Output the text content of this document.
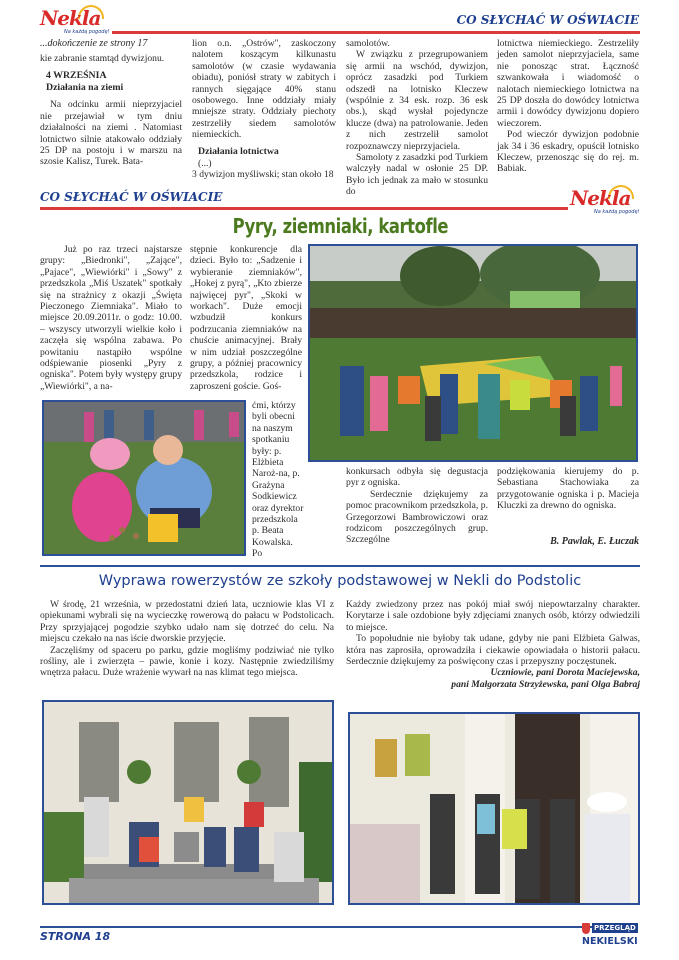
Nekla
Na każdą pogodę!
CO SŁYCHAĆ W OŚWIACIE
...dokończenie ze strony 17

kie zabranie stamtąd dywizjonu.

4 WRZEŚNIA
Działania na ziemi

Na odcinku armii nieprzyjaciel nie przejawiał w tym dniu działalności na ziemi . Natomiast lotnictwo silnie atakowało oddziały 25 DP na postoju i w marszu na szosie Kalisz, Turek. Bata-

lion o.n. „Ostrów", zaskoczony nalotem koszącym kilkunastu samolotów (w czasie wydawania obiadu), poniósł straty w zabitych i rannych sięgające 40% stanu osobowego. Inne oddziały miały mniejsze straty. Oddziały piechoty zestrzeliły siedem samolotów niemieckich.

Działania lotnictwa

(...)

3 dywizjon myśliwski; stan około 18

samolotów.

W związku z przegrupowaniem się armii na wschód, dywizjon, oprócz zasadzki pod Turkiem odszedł na lotnisko Kleczew (wspólnie z 34 esk. rozp. 36 esk obs.), skąd wysłał pojedyncze klucze (dwa) na patrolowanie. Jeden z nich zestrzelił samolot rozpoznawczy nieprzyjaciela.

Samoloty z zasadzki pod Turkiem walczyły nadal w osłonie 25 DP. Było ich jednak za mało w stosunku do

lotnictwa niemieckiego. Zestrzeliły jeden samolot nieprzyjaciela, same nie ponosząc strat. Łączność szwankowała i wiadomość o nalotach niemieckiego lotnictwa na 25 DP doszła do dowódcy lotnictwa armii i dowódcy dywizjonu dopiero wieczorem.

Pod wieczór dywizjon podobnie jak 34 i 36 eskadry, opuścił lotnisko Kleczew, przenosząc się do rej. m. Babiak.

CO SŁYCHAĆ W OŚWIACIE	Nekla
Na każdą pogodę!
Pyry, ziemniaki, kartofle

Już po raz trzeci najstarsze grupy: „Biedronki", „Zające", „Pajace", „Wiewiórki" i „Sowy" z przedszkola „Miś Uszatek" spotkały się na strażnicy z okazji „Święta Pieczonego Ziemniaka". Miało to miejsce 20.09.2011r. o godz: 10.00. – wszyscy utworzyli wielkie koło i zaczęła się wspólna zabawa. Po powitaniu nastąpiło wspólne odśpiewanie piosenki „Pyry z ogniska". Potem były występy grupy „Wiewiórki", a na-

stępnie konkurencje dla dzieci. Było to: „Sadzenie i wybieranie ziemniaków", „Hokej z pyrą", „Kto zbierze najwięcej pyr", „Skoki w workach". Duże emocji wzbudził konkurs podrzucania ziemniaków na chuście animacyjnej. Brały w nim udział poszczególne grupy, a później pracownicy przedszkola, rodzice i zaproszeni goście. Goś-

ćmi, którzy byli obecni na naszym spotkaniu były: p. Elżbieta Naroż-na, p. Grażyna Sodkiewicz oraz dyrektor przedszkola p. Beata Kowalska. Po

konkursach odbyła się degustacja pyr z ogniska.

Serdecznie dziękujemy za pomoc pracownikom przedszkola, p. Grzegorzowi Bambrowiczowi oraz rodzicom poszczególnych grup. Szczególne

podziękowania kierujemy do p. Sebastiana Stachowiaka za przygotowanie ogniska i p. Macieja Kluczki za drewno do ogniska.

B. Pawlak, E. Łuczak
Wyprawa rowerzystów ze szkoły podstawowej w Nekli do Podstolic

W środę, 21 września, w przedostatni dzień lata, uczniowie klas VI z opiekunami wybrali się na wycieczkę rowerową do pałacu w Podstolicach. Przy sprzyjającej pogodzie szybko udało nam się dotrzeć do celu. Na miejscu czekało na nas iście dworskie przyjęcie.

Zaczęliśmy od spaceru po parku, gdzie mogliśmy podziwiać nie tylko rośliny, ale i zwierzęta – pawie, konie i kozy. Następnie zwiedziliśmy wnętrza pałacu. Duże wrażenie wywarł na nas klimat tego miejsca.

Każdy zwiedzony przez nas pokój miał swój niepowtarzalny charakter. Korytarze i sale ozdobione były zdjęciami znanych osób, którzy odwiedzili to miejsce.

To popołudnie nie byłoby tak udane, gdyby nie pani Elżbieta Galwas, która nas zaprosiła, oprowadziła i ciekawie opowiadała o historii pałacu. Serdecznie dziękujemy za poświęcony czas i przepyszny poczęstunek.

Uczniowie, pani Dorota Maciejewska,

pani Małgorzata Strzyżewska, pani Olga Babraj

STRONA 18
PRZEGLĄD
NEKIELSKI
